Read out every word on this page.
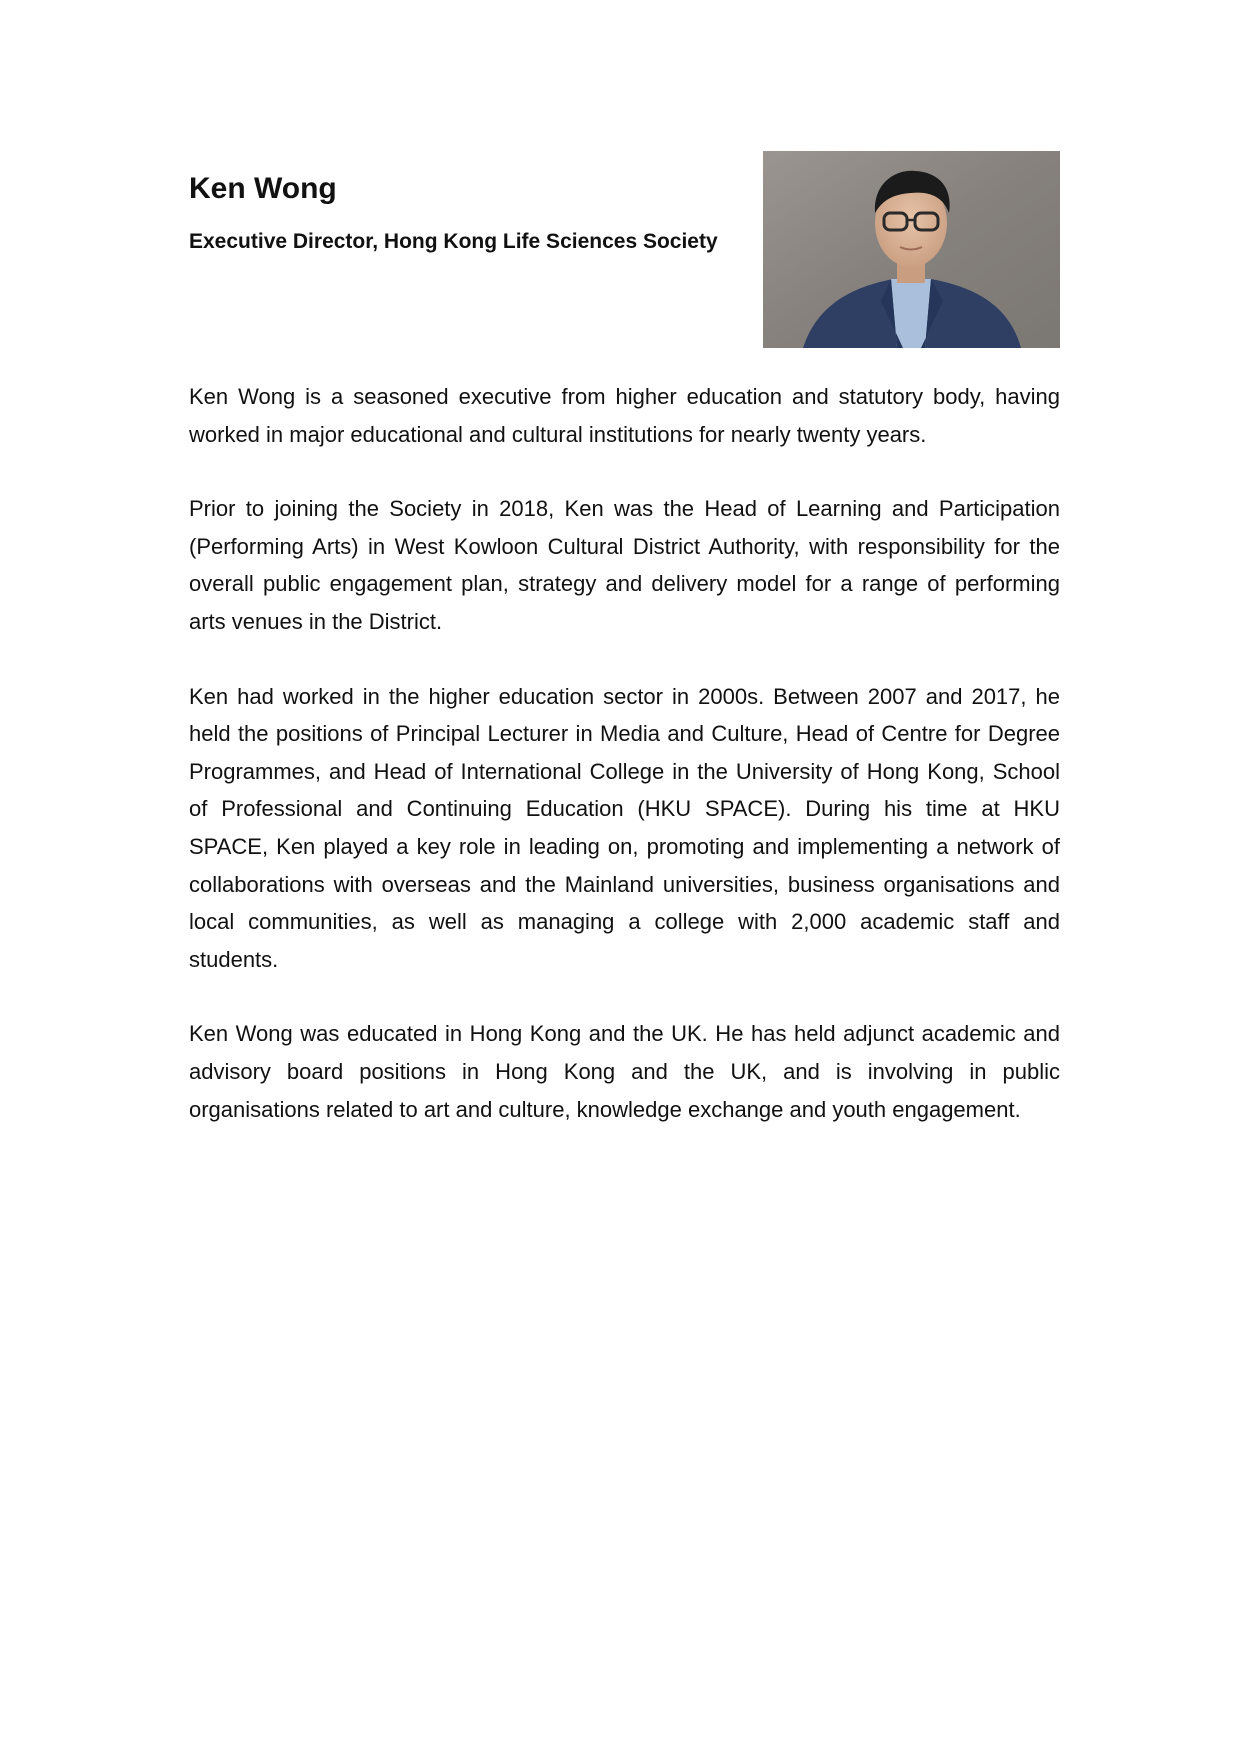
Ken Wong
Executive Director, Hong Kong Life Sciences Society

Ken Wong is a seasoned executive from higher education and statutory body, having worked in major educational and cultural institutions for nearly twenty years.

Prior to joining the Society in 2018, Ken was the Head of Learning and Participation (Performing Arts) in West Kowloon Cultural District Authority, with responsibility for the overall public engagement plan, strategy and delivery model for a range of performing arts venues in the District.

Ken had worked in the higher education sector in 2000s. Between 2007 and 2017, he held the positions of Principal Lecturer in Media and Culture, Head of Centre for Degree Programmes, and Head of International College in the University of Hong Kong, School of Professional and Continuing Education (HKU SPACE). During his time at HKU SPACE, Ken played a key role in leading on, promoting and implementing a network of collaborations with overseas and the Mainland universities, business organisations and local communities, as well as managing a college with 2,000 academic staff and students.

Ken Wong was educated in Hong Kong and the UK. He has held adjunct academic and advisory board positions in Hong Kong and the UK, and is involving in public organisations related to art and culture, knowledge exchange and youth engagement.
